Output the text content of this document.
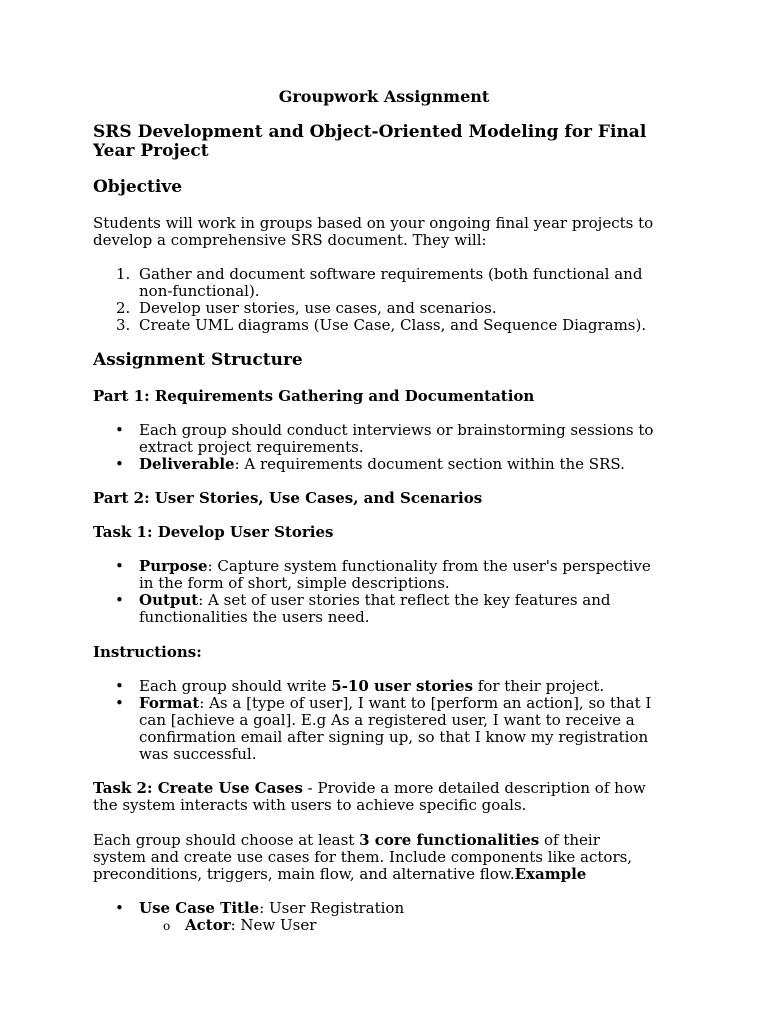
Groupwork Assignment

SRS Development and Object-Oriented Modeling for Final

Year Project

Objective

Students will work in groups based on your ongoing final year projects to

develop a comprehensive SRS document. They will:

1. Gather and document software requirements (both functional and

non-functional).

2. Develop user stories, use cases, and scenarios.

3. Create UML diagrams (Use Case, Class, and Sequence Diagrams).

Assignment Structure

Part 1: Requirements Gathering and Documentation

• Each group should conduct interviews or brainstorming sessions to

extract project requirements.

• Deliverable: A requirements document section within the SRS.

Part 2: User Stories, Use Cases, and Scenarios

Task 1: Develop User Stories

• Purpose: Capture system functionality from the user's perspective

in the form of short, simple descriptions.

• Output: A set of user stories that reflect the key features and

functionalities the users need.

Instructions:

• Each group should write 5-10 user stories for their project.

• Format: As a [type of user], I want to [perform an action], so that I

can [achieve a goal]. E.g As a registered user, I want to receive a

confirmation email after signing up, so that I know my registration

was successful.

Task 2: Create Use Cases - Provide a more detailed description of how

the system interacts with users to achieve specific goals.

Each group should choose at least 3 core functionalities of their

system and create use cases for them. Include components like actors,

preconditions, triggers, main flow, and alternative flow.Example

• Use Case Title: User Registration

o Actor: New User
